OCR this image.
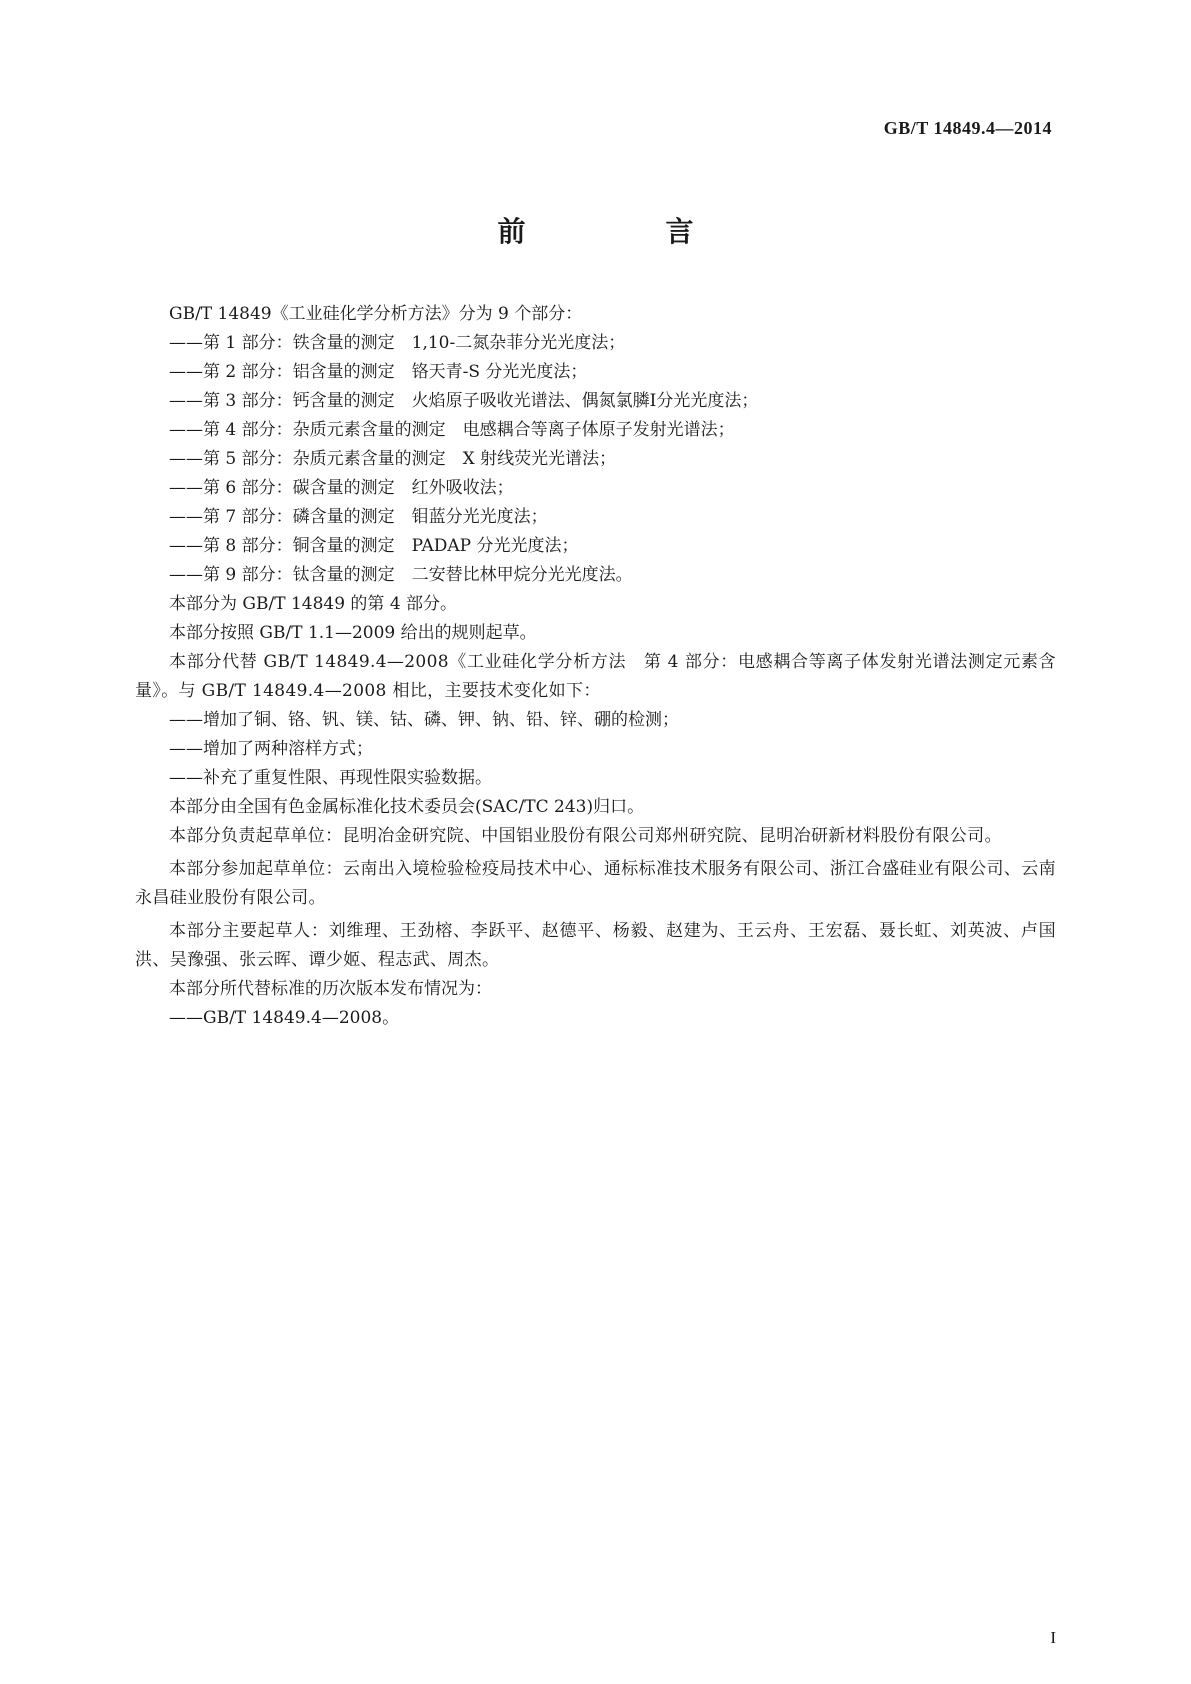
GB/T 14849.4—2014
前　言

GB/T 14849《工业硅化学分析方法》分为 9 个部分：

——第 1 部分：铁含量的测定　1,10-二氮杂菲分光光度法；

——第 2 部分：铝含量的测定　铬天青-S 分光光度法；

——第 3 部分：钙含量的测定　火焰原子吸收光谱法、偶氮氯膦Ⅰ分光光度法；

——第 4 部分：杂质元素含量的测定　电感耦合等离子体原子发射光谱法；

——第 5 部分：杂质元素含量的测定　X 射线荧光光谱法；

——第 6 部分：碳含量的测定　红外吸收法；

——第 7 部分：磷含量的测定　钼蓝分光光度法；

——第 8 部分：铜含量的测定　PADAP 分光光度法；

——第 9 部分：钛含量的测定　二安替比林甲烷分光光度法。

本部分为 GB/T 14849 的第 4 部分。

本部分按照 GB/T 1.1—2009 给出的规则起草。

本部分代替 GB/T 14849.4—2008《工业硅化学分析方法　第 4 部分：电感耦合等离子体发射光谱法测定元素含量》。与 GB/T 14849.4—2008 相比，主要技术变化如下：

——增加了铜、铬、钒、镁、钴、磷、钾、钠、铅、锌、硼的检测；

——增加了两种溶样方式；

——补充了重复性限、再现性限实验数据。

本部分由全国有色金属标准化技术委员会(SAC/TC 243)归口。

本部分负责起草单位：昆明冶金研究院、中国铝业股份有限公司郑州研究院、昆明冶研新材料股份有限公司。

本部分参加起草单位：云南出入境检验检疫局技术中心、通标标准技术服务有限公司、浙江合盛硅业有限公司、云南永昌硅业股份有限公司。

本部分主要起草人：刘维理、王劲榕、李跃平、赵德平、杨毅、赵建为、王云舟、王宏磊、聂长虹、刘英波、卢国洪、吴豫强、张云晖、谭少姬、程志武、周杰。

本部分所代替标准的历次版本发布情况为：

——GB/T 14849.4—2008。

I
